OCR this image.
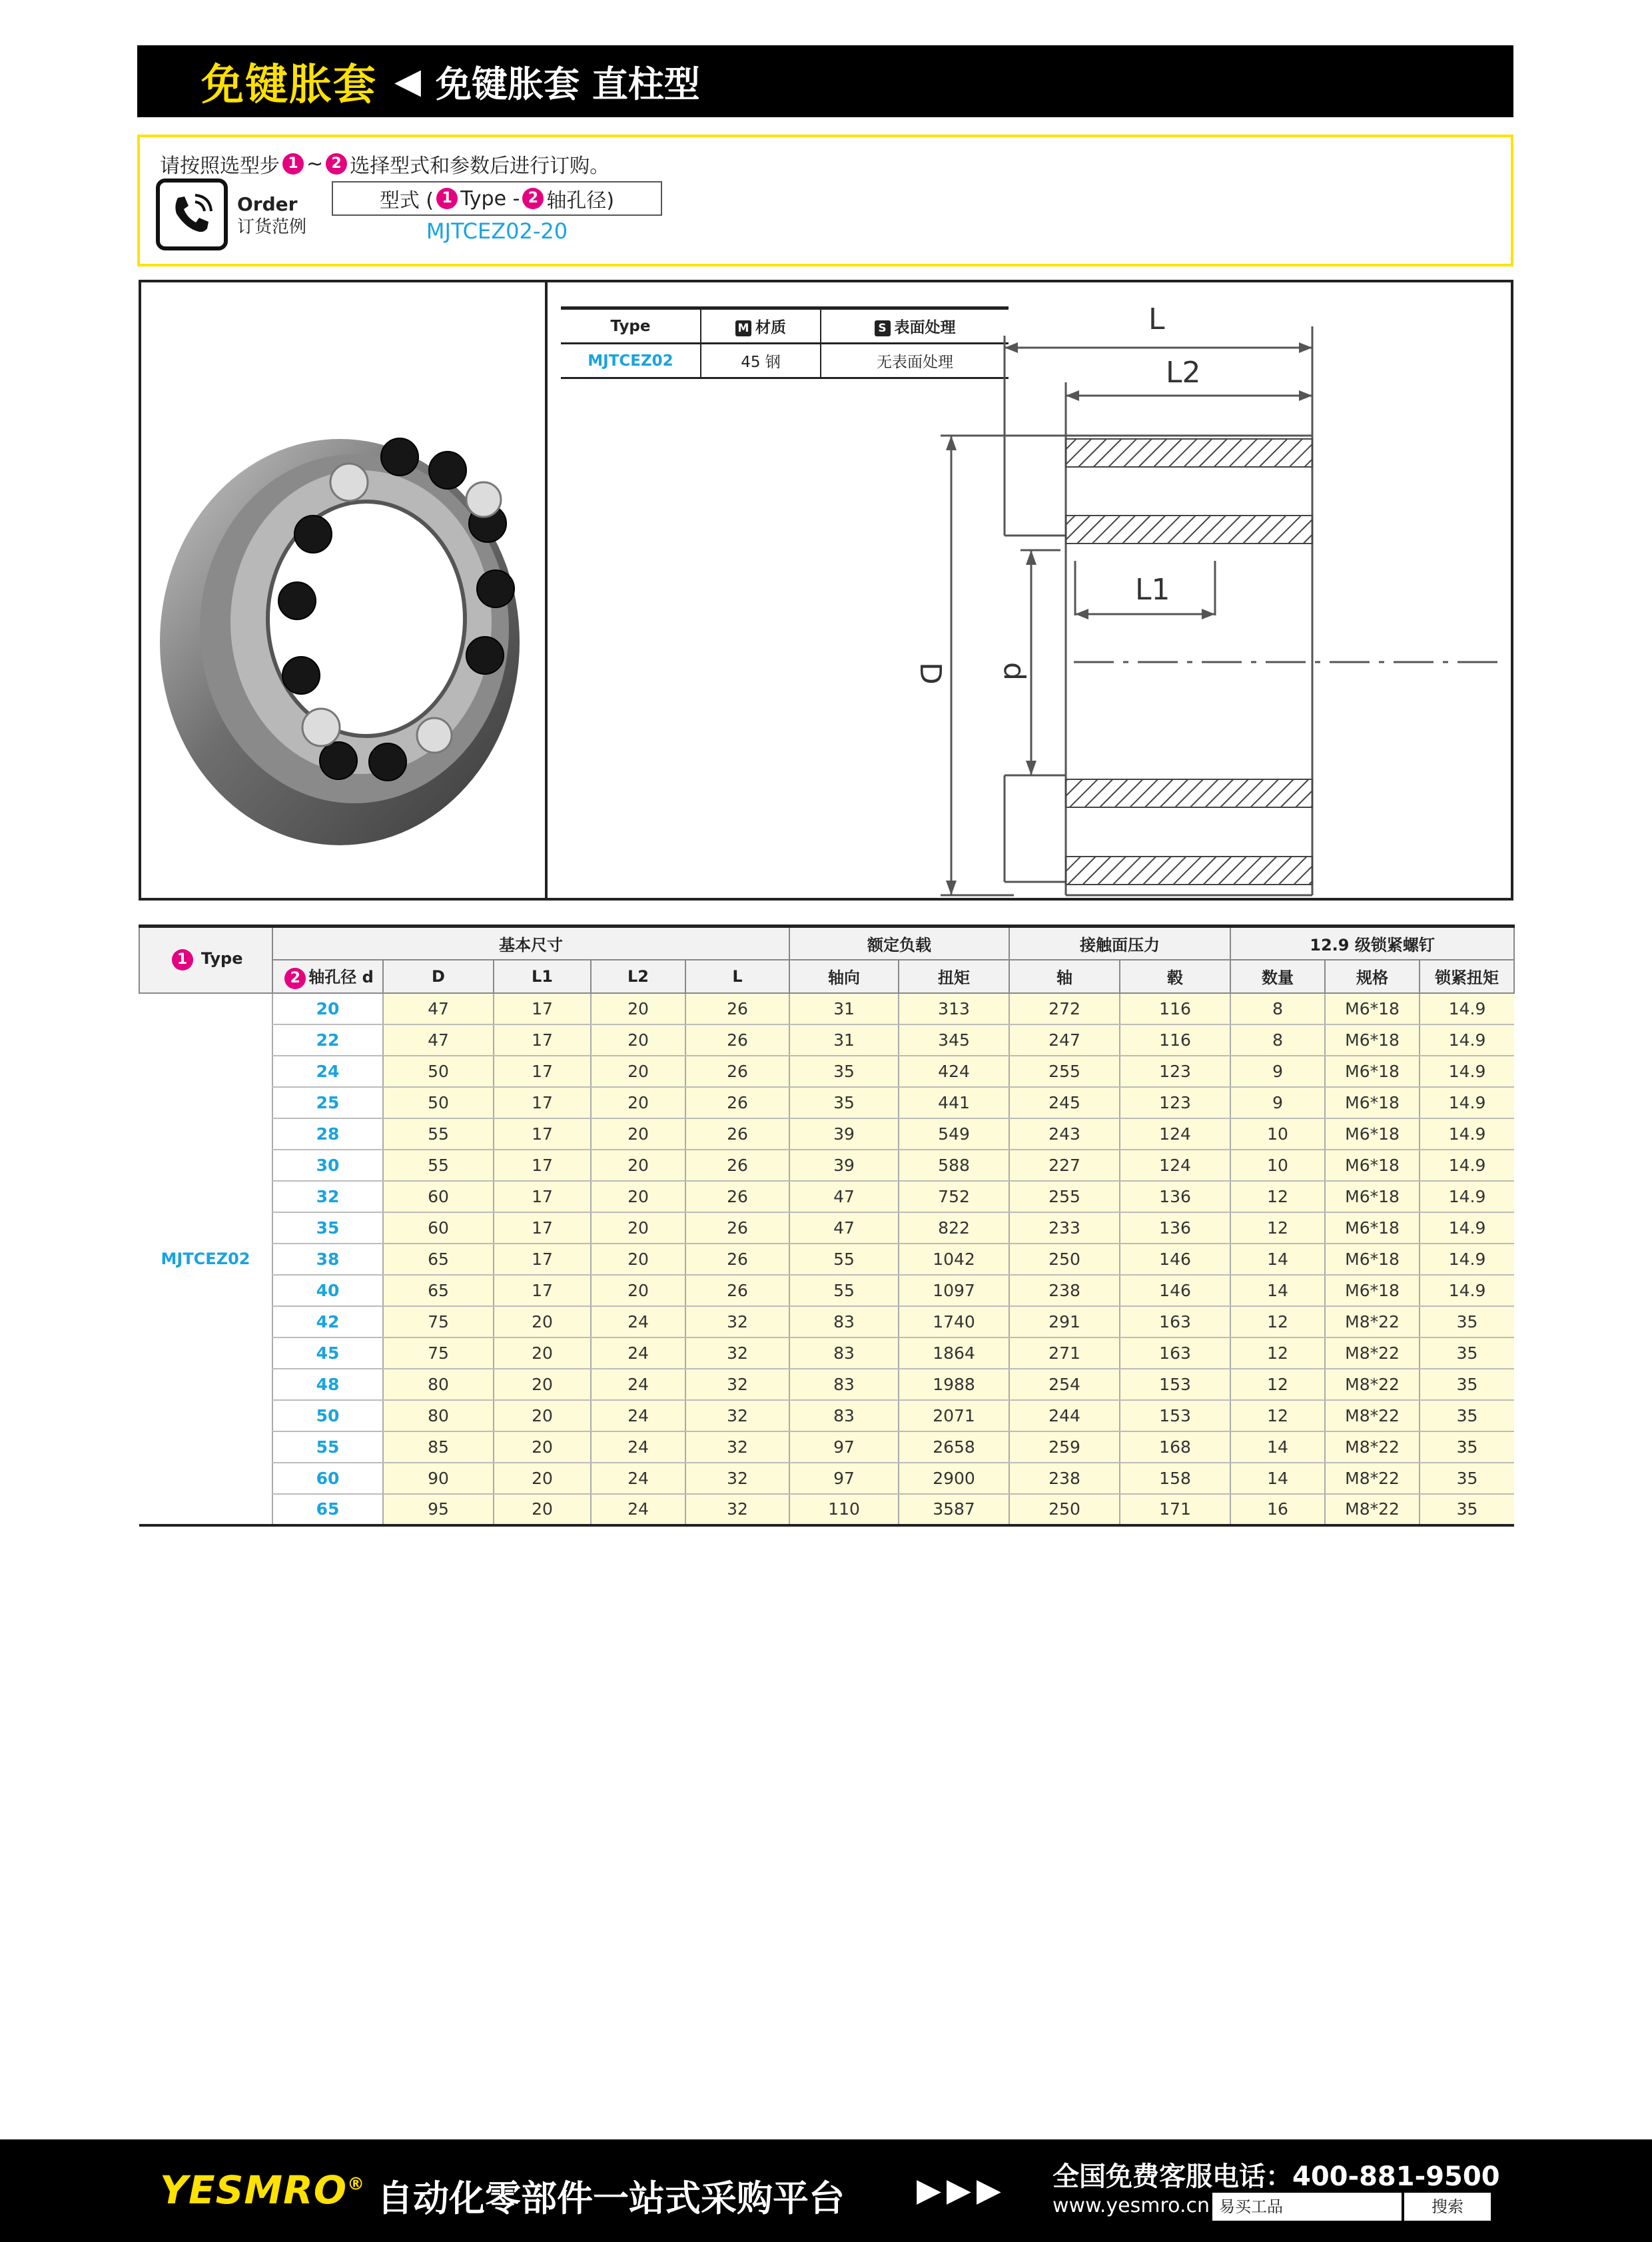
免键胀套 ◀ 免键胀套 直柱型
请按照选型步 1 ~ 2 选择型式和参数后进行订购。
Order
订货范例
型式 ( 1 Type - 2 轴孔径)
MJTCEZ02-20
Type	M 材质	S 表面处理
MJTCEZ02	45 钢	无表面处理
L
L2
L1
D d
1 Type	基本尺寸					额定负载		接触面压力		12.9 级锁紧螺钉		
	2 轴孔径 d	D	L1	L2	L	轴向	扭矩	轴	毂	数量	规格	锁紧扭矩
MJTCEZ02	20	47	17	20	26	31	313	272	116	8	M6*18	14.9
	22	47	17	20	26	31	345	247	116	8	M6*18	14.9
	24	50	17	20	26	35	424	255	123	9	M6*18	14.9
	25	50	17	20	26	35	441	245	123	9	M6*18	14.9
	28	55	17	20	26	39	549	243	124	10	M6*18	14.9
	30	55	17	20	26	39	588	227	124	10	M6*18	14.9
	32	60	17	20	26	47	752	255	136	12	M6*18	14.9
	35	60	17	20	26	47	822	233	136	12	M6*18	14.9
	38	65	17	20	26	55	1042	250	146	14	M6*18	14.9
	40	65	17	20	26	55	1097	238	146	14	M6*18	14.9
	42	75	20	24	32	83	1740	291	163	12	M8*22	35
	45	75	20	24	32	83	1864	271	163	12	M8*22	35
	48	80	20	24	32	83	1988	254	153	12	M8*22	35
	50	80	20	24	32	83	2071	244	153	12	M8*22	35
	55	85	20	24	32	97	2658	259	168	14	M8*22	35
	60	90	20	24	32	97	2900	238	158	14	M8*22	35
	65	95	20	24	32	110	3587	250	171	16	M8*22	35
YESMRO® 自动化零部件一站式采购平台 ▶▶▶ 全国免费客服电话：400-881-9500
www.yesmro.cn 易买工品	搜索
